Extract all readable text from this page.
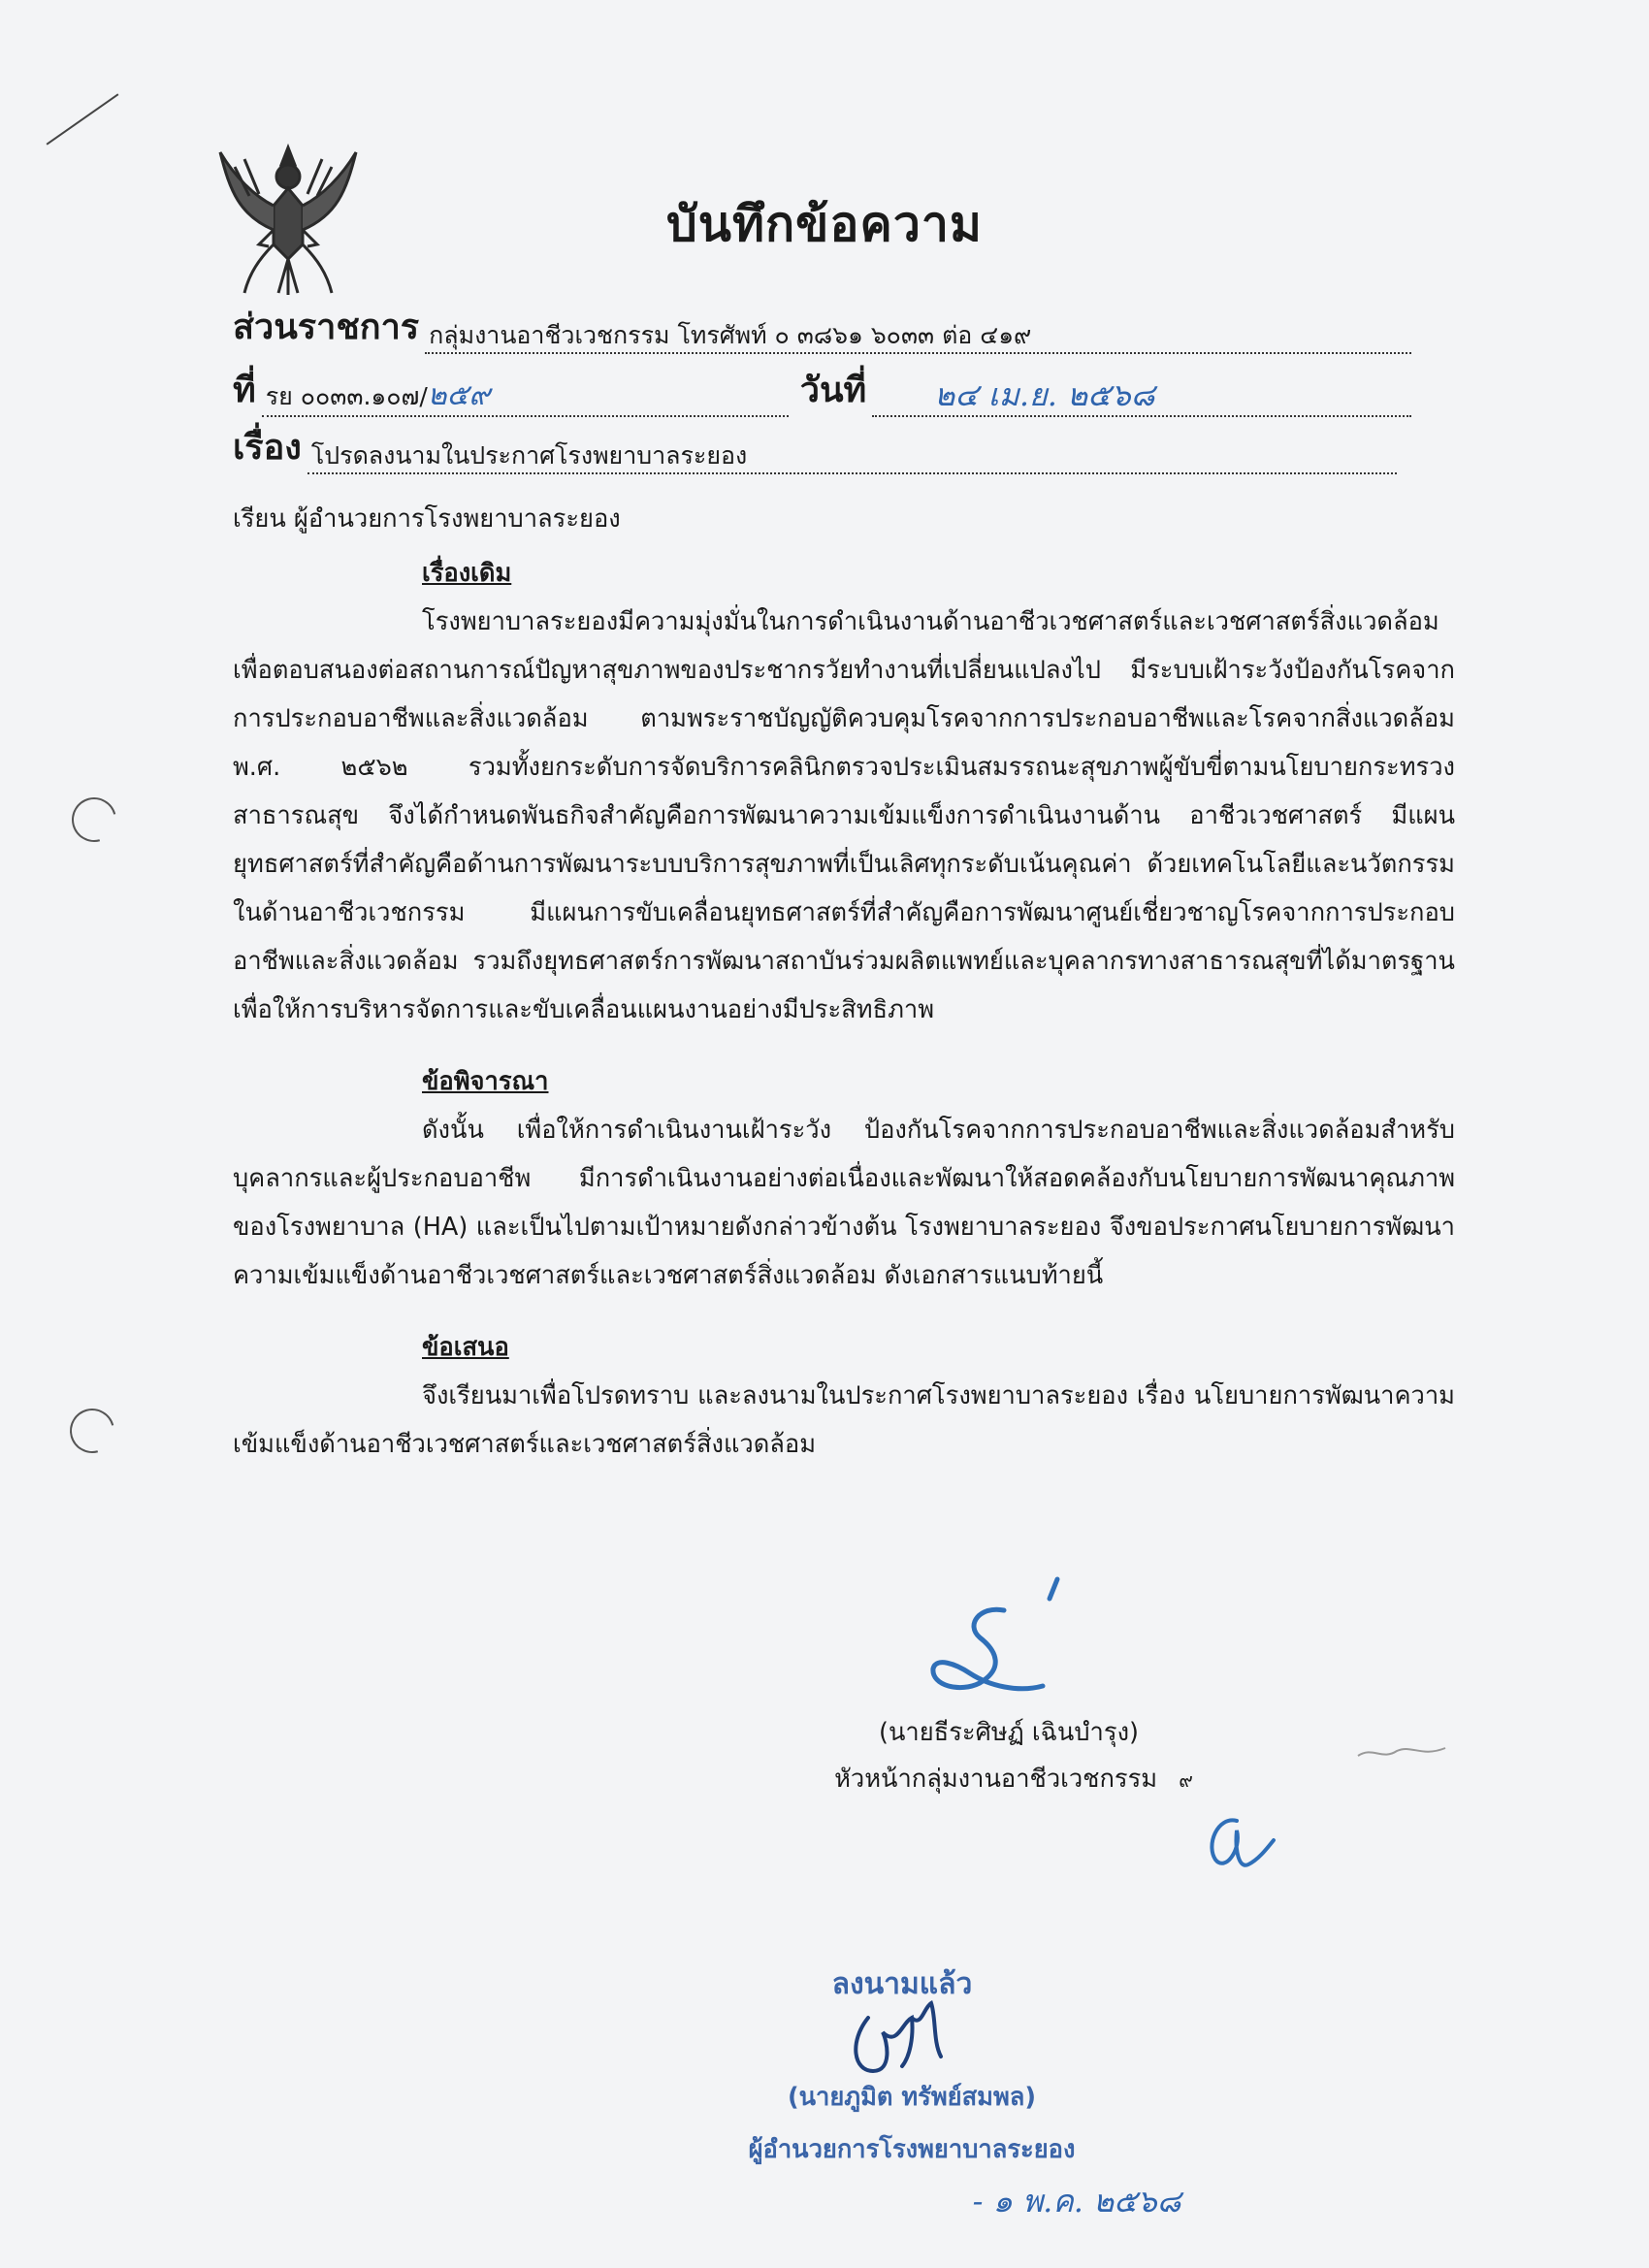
บันทึกข้อความ
ส่วนราชการ กลุ่มงานอาชีวเวชกรรม โทรศัพท์ ๐ ๓๘๖๑ ๖๐๓๓ ต่อ ๔๑๙
ที่ รย ๐๐๓๓.๑๐๗/๒๕๙	วันที่	๒๔ เม.ย. ๒๕๖๘
เรื่อง โปรดลงนามในประกาศโรงพยาบาลระยอง

เรียน ผู้อำนวยการโรงพยาบาลระยอง

เรื่องเดิม

โรงพยาบาลระยองมีความมุ่งมั่นในการดำเนินงานด้านอาชีวเวชศาสตร์และเวชศาสตร์สิ่งแวดล้อมเพื่อตอบสนองต่อสถานการณ์ปัญหาสุขภาพของประชากรวัยทำงานที่เปลี่ยนแปลงไป มีระบบเฝ้าระวังป้องกันโรคจากการประกอบอาชีพและสิ่งแวดล้อม ตามพระราชบัญญัติควบคุมโรคจากการประกอบอาชีพและโรคจากสิ่งแวดล้อม พ.ศ. ๒๕๖๒ รวมทั้งยกระดับการจัดบริการคลินิกตรวจประเมินสมรรถนะสุขภาพผู้ขับขี่ตามนโยบายกระทรวงสาธารณสุข จึงได้กำหนดพันธกิจสำคัญคือการพัฒนาความเข้มแข็งการดำเนินงานด้าน อาชีวเวชศาสตร์ มีแผนยุทธศาสตร์ที่สำคัญคือด้านการพัฒนาระบบบริการสุขภาพที่เป็นเลิศทุกระดับเน้นคุณค่า ด้วยเทคโนโลยีและนวัตกรรมในด้านอาชีวเวชกรรม มีแผนการขับเคลื่อนยุทธศาสตร์ที่สำคัญคือการพัฒนาศูนย์เชี่ยวชาญโรคจากการประกอบอาชีพและสิ่งแวดล้อม รวมถึงยุทธศาสตร์การพัฒนาสถาบันร่วมผลิตแพทย์และบุคลากรทางสาธารณสุขที่ได้มาตรฐาน เพื่อให้การบริหารจัดการและขับเคลื่อนแผนงานอย่างมีประสิทธิภาพ

ข้อพิจารณา

ดังนั้น เพื่อให้การดำเนินงานเฝ้าระวัง ป้องกันโรคจากการประกอบอาชีพและสิ่งแวดล้อมสำหรับบุคลากรและผู้ประกอบอาชีพ มีการดำเนินงานอย่างต่อเนื่องและพัฒนาให้สอดคล้องกับนโยบายการพัฒนาคุณภาพของโรงพยาบาล (HA) และเป็นไปตามเป้าหมายดังกล่าวข้างต้น โรงพยาบาลระยอง จึงขอประกาศนโยบายการพัฒนาความเข้มแข็งด้านอาชีวเวชศาสตร์และเวชศาสตร์สิ่งแวดล้อม ดังเอกสารแนบท้ายนี้

ข้อเสนอ

จึงเรียนมาเพื่อโปรดทราบ และลงนามในประกาศโรงพยาบาลระยอง เรื่อง นโยบายการพัฒนาความเข้มแข็งด้านอาชีวเวชศาสตร์และเวชศาสตร์สิ่งแวดล้อม

(นายธีระศิษฏ์ เฉินบำรุง)
หัวหน้ากลุ่มงานอาชีวเวชกรรม ๙
ลงนามแล้ว
(นายภูมิต ทรัพย์สมพล)
ผู้อำนวยการโรงพยาบาลระยอง
- ๑ พ.ค. ๒๕๖๘
